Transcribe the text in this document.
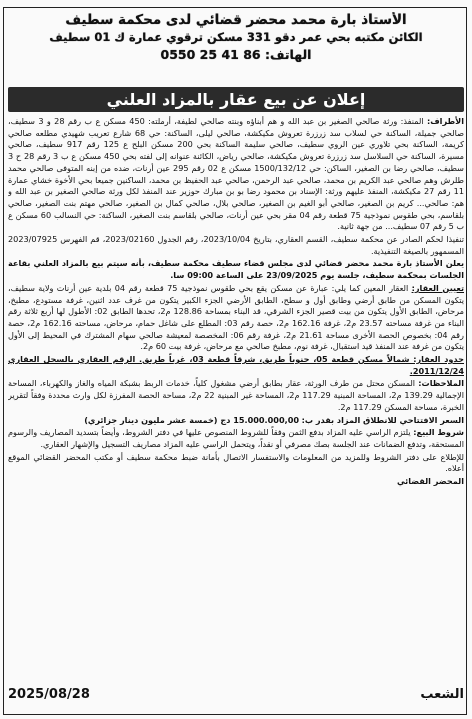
الأستاذ بارة محمد محضر قضائي لدى محكمة سطيف
الكائن مكتبه بحي عمر دقو 331 مسكن ترقوي عمارة ك 01 سطيف
الهاتف: 86 41 25 0550
إعلان عن بيع عقار بالمزاد العلني

الأطراف: المنفذ: ورثة صالحي الصغير بن عبد الله و هم أبناؤه وبنته صالحي لطيفة، أرملته: 450 مسكن ع ب رقم 28 و 3 سطيف، صالحي جميلة، الساكنة حي لسلاب سد زرزرة تعروش مكيكشة، صالحي ليلى، الساكنة: حي 68 شارع تعريب شهيدي مطلعه صالحي كريمة، الساكنة بحي تلاوري عين الروي سطيف، صالحي سليمة الساكنة بحي 200 مسكن البلح ع 125 رقم 917 سطيف، صالحي مسيرة، الساكنة حي السلاسل سد زرزرة تعروش مكيكشة، صالحي رياض، الكائنة عنوانه إلى لفته بحي 450 مسكن ع ب 3 رقم 28 ح 3 سطيف، صالحي رضا بن الصغير، الساكن: حي 1500/132/12 مسكن ع 02 رقم 295 عين أرنات، ضده من إبنه المتوفى صالحي محمد طلرش وهم صالحي عبد الكريم بن محمد، صالحي عبد الرحمن، صالحي عبد الحفيظ بن محمد، الساكنين جميعا بحي الأخوة خشاي عمارة 11 رقم 27 مكيكشة، المنفذ عليهم ورثة: الإسناد بن محمود رضا بو بن مبارك حوزير عند المنفذ لكل ورثة صالحي الصغير بن عبد الله و هم: صالحي... كريم بن الصغير، صالحي أبو الغيم بن الصغير، صالحي بلال، صالحي كمال بن الصغير، صالحي مهتم بنت الصغير، صالحي بلقاسم، بحي طقوس نموذجية 75 قطعة رقم 04 مقر بحي عين أرنات، صالحي بلقاسم بنت الصغير، الساكنة: حي النسالب 60 مسكن ع ب 5 رقم 07 سطيف... من جهة ثانية.

تنفيذا لحكم الصادر عن محكمة سطيف، القسم العقاري، بتاريخ 2023/10/04، رقم الجدول 2023/02160، قم الفهرس 2023/07925 المسمهور بالصيغة التنفيذية.

يعلن الأستاذ بارة محمد محضر قضائي لدى مجلس قضاء سطيف محكمة سطيف، بأنه سيتم بيع بالمزاد العلني بقاعة الجلسات بمحكمة سطيف، جلسة يوم 23/09/2025 على الساعة 09:00 سا.

تعيين العقار: العقار المعين كما يلي: عبارة عن مسكن يقع بحي طقوس نموذجية 75 قطعة رقم 04 بلدية عين أرنات ولاية سطيف، يتكون المسكن من طابق أرضي وطابق أول و سطح، الطابق الأرضي الجزء الكبير يتكون من غرف عدد اثنين، غرفة مستودع، مطبخ، مرحاض، الطابق الأول يتكون من بيت قصير الجزء الشرقي، قد البناء بمساحة 128.86 م2، تحدها الطابق 02: الأطول لها أربع ثلاثة رقم البناء من غرفة مساحته 23.57 م2، غرفة 162.16 م2، حصة رقم 03: المطلع على شاغل حمام، مرحاض، مساحته 162.16 م2، حصة رقم 04: بخصوص الحصة الأخرى مساحة 21.61 م2، غرفة رقم 06: المخصصة لمعيشة صالحي سهام المشترك في المحيط إلى الأول يتكون من غرفة عند المنفذ قيد استقبال، غرفة نوم، مطبخ صالحي مع مرحاض، غرفة بيت 60 م2.

حدود العقار: شمالاً مسكن قطعة 05، جنوباً طريق، شرقاً قطعة 03، غرباً طريق. الرقم العقاري بالسجل العقاري 2011/12/24.

الملاحظات: المسكن محتل من طرف الورثة، عقار بطابق أرضي مشغول كلياً، خدمات الربط بشبكة المياه والغاز والكهرباء، المساحة الإجمالية 139.29 م2، المساحة المبنية 117.29 م2، المساحة غير المبنية 22 م2، مساحة الحصة المفرزة لكل وارث محددة وفقاً لتقرير الخبرة، مساحة المسكن 117.29 م2.

السعر الافتتاحي للانطلاق المزاد بقدر ب: 15.000.000,00 دج (خمسة عشر مليون دينار جزائري)

شروط البيع: يلتزم الراسي عليه المزاد بدفع الثمن وفقاً للشروط المنصوص عليها في دفتر الشروط، وأيضاً بتسديد المصاريف والرسوم المستحقة، وتدفع الضمانات عند الجلسة بصك مصرفي أو نقداً، ويتحمل الراسي عليه المزاد مصاريف التسجيل والإشهار العقاري.

للإطلاع على دفتر الشروط وللمزيد من المعلومات والاستفسار الاتصال بأمانة ضبط محكمة سطيف أو مكتب المحضر القضائي الموقع أعلاه.

المحضر القضائي

الشعب
2025/08/28
